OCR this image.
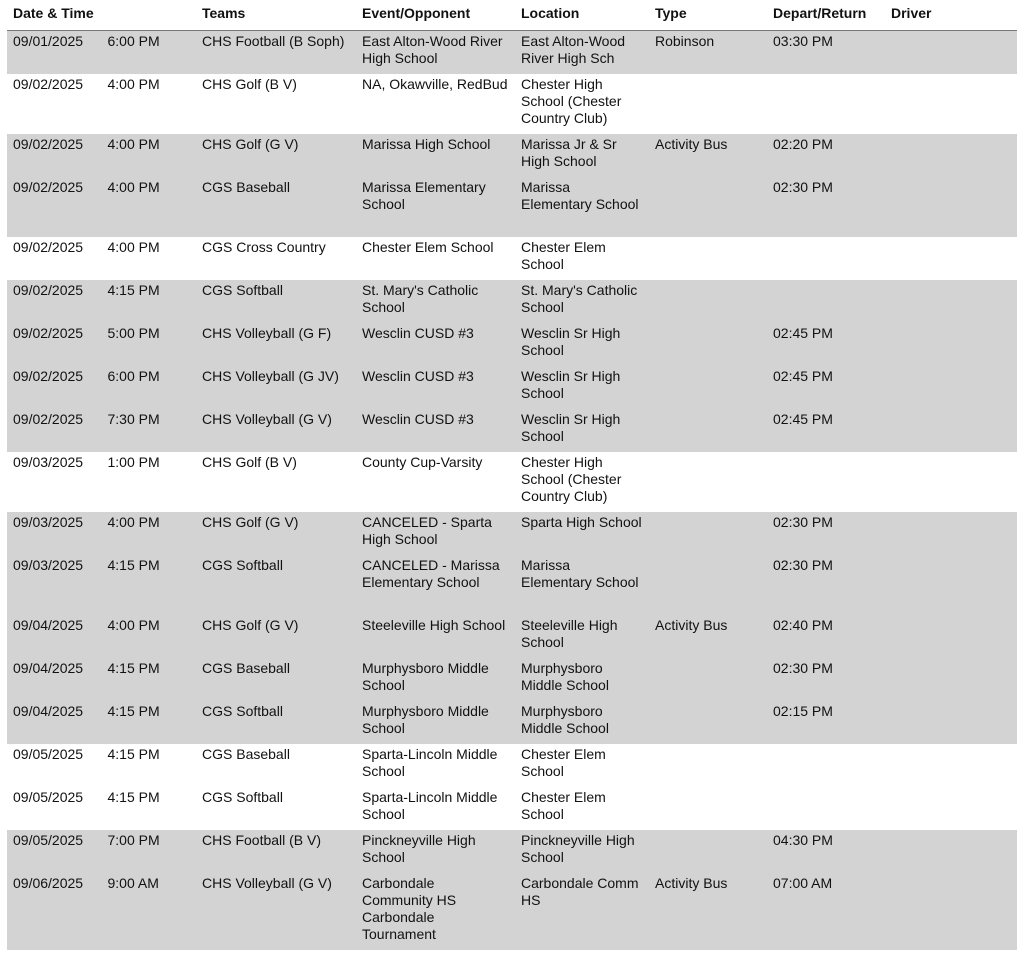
Date & Time		Teams	Event/Opponent	Location	Type	Depart/Return	Driver

09/01/2025	6:00 PM	CHS Football (B Soph)	East Alton-Wood River High School	East Alton-Wood River High Sch	Robinson	03:30 PM	
09/02/2025	4:00 PM	CHS Golf (B V)	NA, Okawville, RedBud	Chester High School (Chester Country Club)			
09/02/2025	4:00 PM	CHS Golf (G V)	Marissa High School	Marissa Jr & Sr High School	Activity Bus	02:20 PM	
09/02/2025	4:00 PM	CGS Baseball	Marissa Elementary School	Marissa Elementary School		02:30 PM	
09/02/2025	4:00 PM	CGS Cross Country	Chester Elem School	Chester Elem School			
09/02/2025	4:15 PM	CGS Softball	St. Mary's Catholic School	St. Mary's Catholic School			
09/02/2025	5:00 PM	CHS Volleyball (G F)	Wesclin CUSD #3	Wesclin Sr High School		02:45 PM	
09/02/2025	6:00 PM	CHS Volleyball (G JV)	Wesclin CUSD #3	Wesclin Sr High School		02:45 PM	
09/02/2025	7:30 PM	CHS Volleyball (G V)	Wesclin CUSD #3	Wesclin Sr High School		02:45 PM	
09/03/2025	1:00 PM	CHS Golf (B V)	County Cup-Varsity	Chester High School (Chester Country Club)			
09/03/2025	4:00 PM	CHS Golf (G V)	CANCELED - Sparta High School	Sparta High School		02:30 PM	
09/03/2025	4:15 PM	CGS Softball	CANCELED - Marissa Elementary School	Marissa Elementary School		02:30 PM	
09/04/2025	4:00 PM	CHS Golf (G V)	Steeleville High School	Steeleville High School	Activity Bus	02:40 PM	
09/04/2025	4:15 PM	CGS Baseball	Murphysboro Middle School	Murphysboro Middle School		02:30 PM	
09/04/2025	4:15 PM	CGS Softball	Murphysboro Middle School	Murphysboro Middle School		02:15 PM	
09/05/2025	4:15 PM	CGS Baseball	Sparta-Lincoln Middle School	Chester Elem School			
09/05/2025	4:15 PM	CGS Softball	Sparta-Lincoln Middle School	Chester Elem School			
09/05/2025	7:00 PM	CHS Football (B V)	Pinckneyville High School	Pinckneyville High School		04:30 PM	
09/06/2025	9:00 AM	CHS Volleyball (G V)	Carbondale Community HS Carbondale Tournament	Carbondale Comm HS	Activity Bus	07:00 AM	
